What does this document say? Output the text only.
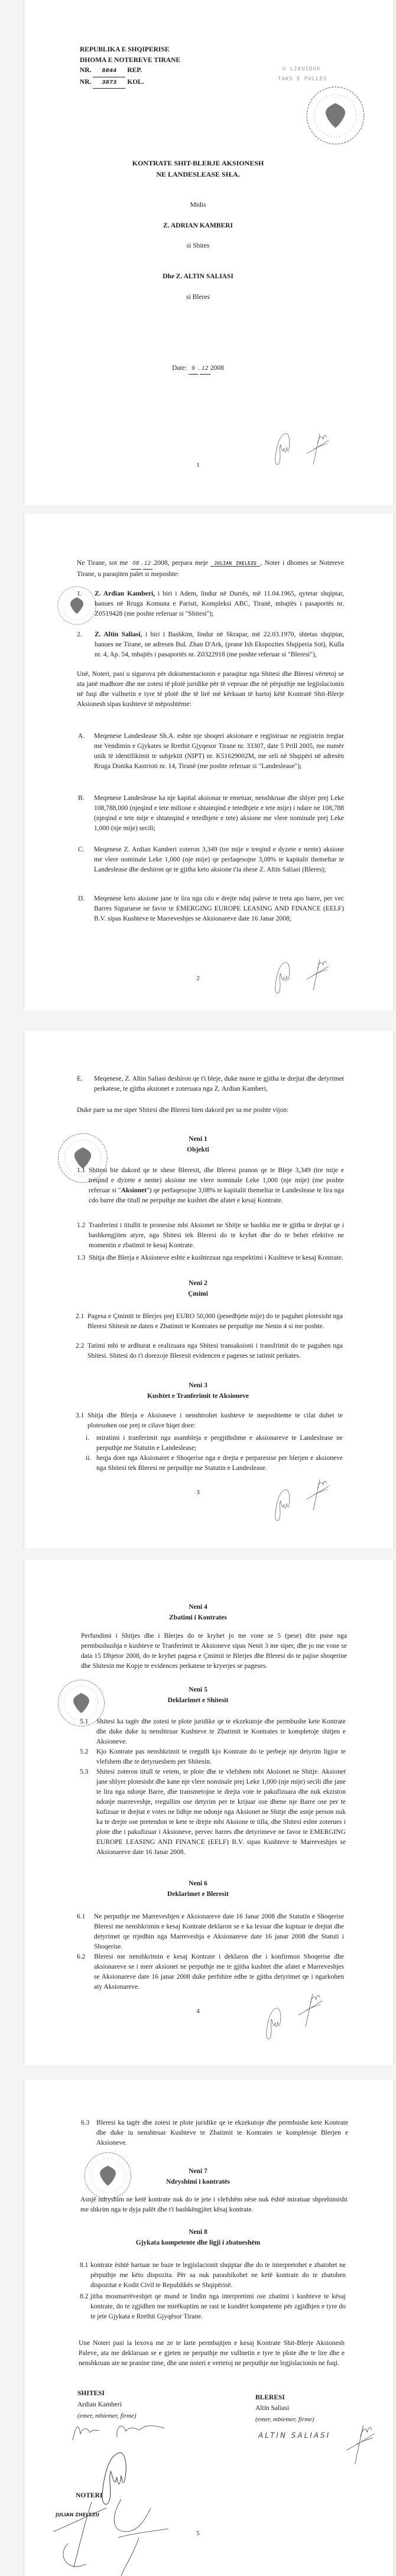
REPUBLIKA E SHQIPERISE
DHOMA E NOTEREVE TIRANE
NR. 8844 REP.
NR. 3873 KOL.
U LIKUIDUA
TAKS E PULLES
KONTRATE SHIT-BLERJE AKSIONESH
NE LANDESLEASE SH.A.
Midis
Z. ADRIAN KAMBERI
si Shites
Dhe Z. ALTIN SALIASI
si Bleres
Date: 9 . 12 2008
1
Ne Tirane, sot me 08 . 12 .2008, perpara meje JULIAN ZHELEZU , Noter i dhomes se Notereve Tirane, u paraqiten palet si meposhte:
1. Z. Ardian Kamberi, i biri i Adem, lindur në Durrës, më 11.04.1965, qytetar shqiptar, banues në Rruga Komuna e Parisit, Kompleksi ABC, Tiranë, mbajtës i pasaportës nr. Z0519428 (me poshte referuar si "Shitesi");
2. Z. Altin Saliasi, i biri i Bashkim, lindur në Skrapar, më 22.03.1970, shtetas shqiptar, banues ne Tirane, ne adresen Bul. Zhan D'Ark, (prane Ish Ekspozites Shqiperia Sot), Kulla nr. 4, Ap. 54, mbajtës i pasaportës nr. Z0322918 (me poshte referuar si "Bleresi"),
Unë, Noteri, pasi u sigurova për dokumentacionin e paraqitur nga Shitesi dhe Bleresi vërtetoj se ata janë madhore dhe me zotesi të plotë juridike për të vepruar dhe në përputhje me legjislacionin në fuqi dhe vullnetin e tyre të plotë dhe të lirë më kërkuan të hartoj këtë Kontratë Shit-Blerje Aksionesh sipas kushteve të mëposhtëme:
A. Meqenese Landeslease Sh.A. eshte nje shoqeri aksionare e regjistruar ne regjistrin tregtar me Vendimin e Gjykates se Rrethit Gjyqesor Tirane nr. 33307, date 5 Prill 2005, me numër unik të identifikimit te subjektit (NIPT) nr. K51629002M, me seli në Shqipëri në adresën Rruga Donika Kastrioti nr. 14, Tiranë (me poshte referuar si "Landeslease");
B. Meqenese Landeslease ka nje kapital aksionar te emetuar, nenshkruar dhe shlyer prej Leke 108,788,000 (njeqind e tete milione e shtateqind e tetedhjete e tete mije) i ndare ne 108,788 (njeqind e tete mije e shtateqind e tetedhjete e tete) aksione me vlere nominale prej Leke 1,000 (nje mije) secili;
C. Meqenese Z. Ardian Kamberi zoteron 3,349 (tre mije e treqind e dyzete e nente) aksione me vlere nominale Leke 1,000 (nje mije) qe perfaqesojne 3,08% te kapitalit themeltar te Landeslease dhe deshiron qe te gjitha keto aksione t'ia shese Z. Altin Saliasi (Bleres);
D. Meqenese keto aksione jane te lira nga cdo e drejte ndaj paleve te treta apo barre, per vec Barres Siguruese ne favor te EMERGING EUROPE LEASING AND FINANCE (EELF) B.V. sipas Kushteve te Marreveshjes se Aksionareve date 16 Janar 2008;
2
E. Meqenese, Z. Altin Saliasi deshiron qe t'i bleje, duke marre te gjitha te drejtat dhe detyrimet perkatese, te gjitha aksionet e zoteruara nga Z. Ardian Kamberi,
Duke pare sa me siper Shitesi dhe Bleresi bien dakord per sa me poshte vijon:
Neni 1
Objekti
1.1 Shitesi bie dakord qe te shese Bleresit, dhe Bleresi pranon qe te Bleje 3,349 (tre mije e treqind e dyzete e nente) aksione me vlere nominale Leke 1,000 (nje mije) (me poshte referuar si "Aksionet") qe perfaqesojne 3,08% te kapitalit themeltar te Landeslease te lira nga cdo barre dhe titull ne perputhje me kushtet dhe afatet e kesaj Kontrate.
1.2 Tranferimi i titullit te pronesise mbi Aksionet ne Shitje se bashku me te gjitha te drejtat qe i bashkengjiten atyre, nga Shitesi tek Bleresi do te kryhet dhe do te behet efektive ne momentin e zbatimit te kesaj Kontrate.
1.3 Shitja dhe Blerja e Aksioneve eshte e kushtezuar nga respektimi i Kushteve te kesaj Kontrate.
Neni 2
Çmimi
2.1 Pagesa e Çmimit te Blerjes prej EURO 50,000 (pesedhjete mije) do te paguhet plotesisht nga Bleresi Shitesit ne daten e Zbatimit te Kontrates ne perputhje me Nenin 4 si me poshte.
2.2 Tatimi mbi te ardhurat e realizuara nga Shitesi transaksioni i transfrimit do te paguhen nga Shitesi. Shitesi do t'i dorezoje Bleresit evidencen e pageses se tatimit perkates.
Neni 3
Kushtet e Tranferimit te Aksioneve
3.1 Shitja dhe Blerja e Aksioneve i nenshtrohet kushteve te meposhteme te cilat duhet te plotesohen ose prej te cilave hiqet dore:
i. miratimi i tranferimit nga asambleja e pergjithshme e aksionareve te Landeslease ne perputhje me Statutin e Landeslease;
ii. heqja dore nga Aksionaret e Shoqerise nga e drejta e perparesise per blerjen e aksioneve nga Shitesi tek Bleresi ne perputhje me Statutin e Landeslease.
3
Neni 4
Zbatimi i Kontrates
Perfundimi i Shitjes dhe i Blerjes do te kryhet jo me vone se 5 (pese) dite pune nga permbushushja e kushteve te Tranferimit te Aksioneve sipas Nenit 3 me siper, dhe jo me vone se data 15 Dhjetor 2008, do te kryhet pagesa e Çmimit te Blerjes dhe Bleresi do te pajise shoqerine dhe Shitesin me Kopje te evidences perkatese te kryerjes se pageses.
Neni 5
Deklarimet e Shitesit
5.1 Shitesi ka tagër dhe zotesi te plote juridike qe te ekzekutoje dhe permbushe kete Kontrate dhe duke duke iu nenshtruar Kushteve te Zbatimit te Kontrates te kompletoje shitjen e Aksioneve.
5.2 Kjo Kontrate pas nenshkrimit te rregullt kjo Kontrate do te perbeje nje detyrim ligjor te vlefshem dhe te detyrueshem per Shitesin.
5.3 Shitesi zoteron titull te vetem, te plote dhe te vlefshem mbi Aksionet ne Shitje. Aksionet jane shlyer plotesisht dhe kane nje vlere nominale prej Leke 1,000 (nje mije) secili dhe jane te lira nga ndonje Barre, dhe transmetojne te drejta vote te pakufizuara dhe nuk ekziston ndonje marreveshje, rregullim ose detyrim per te krijuar ose dhene nje Barre ose per te kufizuar te drejtat e votes ne lidhje me ndonje nga Aksionet ne Shitje dhe asnje person nuk ka te drejte ose pretendon te kete te drejte mbi Aksione te tilla, dhe Shitesi eshte zoterues i plote dhe i pakufizuar i Aksioneve, pervec barres dhe detyrimeve ne favor te EMERGING EUROPE LEASING AND FINANCE (EELF) B.V. sipas Kushteve te Marreveshjes se Aksionareve date 16 Janar 2008.
Neni 6
Deklarimet e Bleresit
6.1 Ne perputhje me Marreveshjen e Aksionareve date 16 Janar 2008 dhe Statutin e Shoqerise Bleresi me nenshkrimin e kesaj Kontrate deklaron se e ka lexuar dhe kuptuar te drejtat dhe detyrimet qe rrjedhin nga Marreveshja e Aksionareve date 16 janar 2008 dhe Statuti i Shoqerise.
6.2 Bleresi me nenshkrimin e kesaj Kontrate i deklaron dhe i konfirmon Shoqerise dhe aksionareve se i merr aksionet ne perputhje me te gjitha kushtet dhe afatet e Marreveshjes se Aksionareve date 16 janar 2008 duke perfshire edhe te gjitha detyrimet qe i ngarkohen aty Aksionareve.
4
6.3 Bleresi ka tagër dhe zotesi te plote juridike qe te ekzekutoje dhe permbushe kete Kontrate dhe duke iu nenshtruar Kushteve te Zbatimit te Kontrates te kompletoje Blerjen e Aksioneve.
Neni 7
Ndryshimi i kontratës
Asnjë ndryshim ne ketë kontrate nuk do te jete i vlefshëm nëse nuk është miratuar shprehimisht me shkrim nga te dyja palët dhe t'i bashkëngjitet kësaj kontrate.
Neni 8
Gjykata kompetente dhe ligji i zbatueshëm
8.1 kontrate është hartuar ne baze te legjislacionit shqiptar dhe do te interpretohet e zbatohet ne përputhje me këto dispozita. Për sa nuk parashikohet ne ketë kontrate do te zbatohen dispozitat e Kodit Civil te Republikës se Shqipërisë.
8.2 jitha mosmarrëveshjet qe mund te lindin nga interpretimi ose zbatimi i kushteve te kësaj kontrate, do te zgjidhen me mirëkuptim ne rast te kundërt kompetente për zgjidhjen e tyre do te jete Gjykata e Rrethit Gjyqësor Tirane.
Une Noteri pasi ia lexova me ze te larte permbajtjen e kesaj Kontrate Shit-Blerje Aksionesh Paleve, ata me deklaruan se e gjeten ne perputhje me vullnetin e tyre te plote dhe te lire dhe e nenshkruan ate ne pranine time, dhe une noteri e vertetoj ne perputhje me legjislacionin ne fuqi.
SHITESI
Ardian Kamberi
(emer, mbiemer, firme)
BLERESI
Altin Saliasi
(emer, mbiemer, firme)
ALTIN SALIASI
NOTERI
JULIAN ZHELEZU
5
